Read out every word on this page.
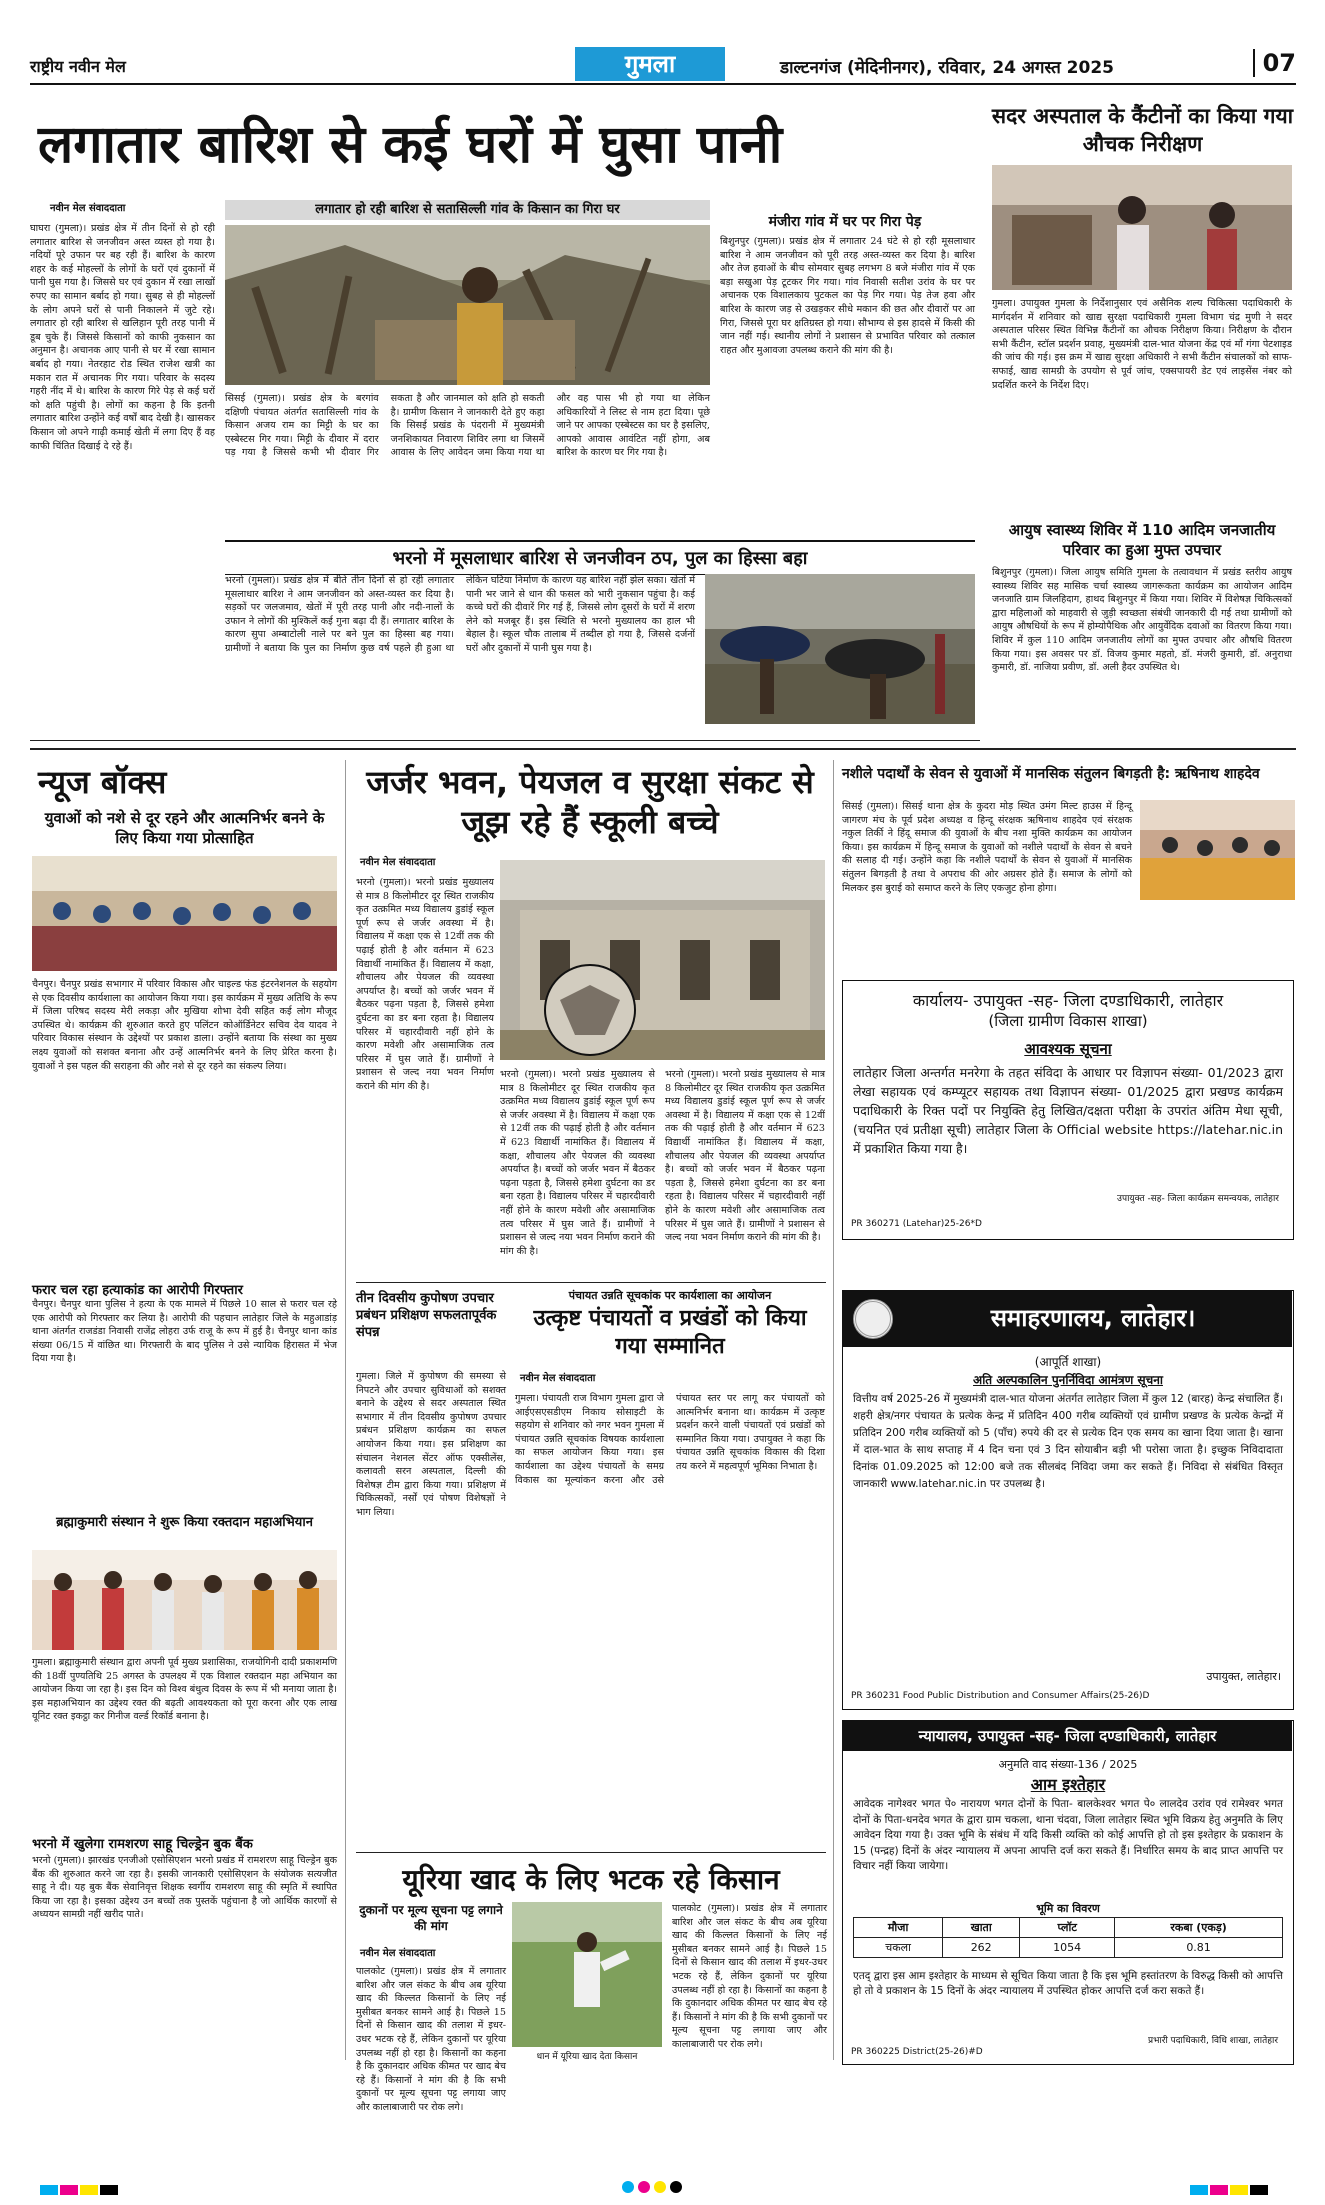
राष्ट्रीय नवीन मेल	गुमला	डाल्टनगंज (मेदिनीनगर), रविवार, 24 अगस्त 2025	07
लगातार बारिश से कई घरों में घुसा पानी
नवीन मेल संवाददाता
घाघरा (गुमला)। प्रखंड क्षेत्र में तीन दिनों से हो रही लगातार बारिश से जनजीवन अस्त व्यस्त हो गया है। नदियों पूरे उफान पर बह रही हैं। बारिश के कारण शहर के कई मोहल्लों के लोगों के घरों एवं दुकानों में पानी घुस गया है। जिससे घर एवं दुकान में रखा लाखों रुपए का सामान बर्बाद हो गया। सुबह से ही मोहल्लों के लोग अपने घरों से पानी निकालने में जुटे रहे। लगातार हो रही बारिश से खलिहान पूरी तरह पानी में डूब चुके हैं। जिससे किसानों को काफी नुकसान का अनुमान है। अचानक आए पानी से घर में रखा सामान बर्बाद हो गया। नेतरहाट रोड स्थित राजेश खत्री का मकान रात में अचानक गिर गया। परिवार के सदस्य गहरी नींद में थे। बारिश के कारण गिरे पेड़ से कई घरों को क्षति पहुंची है। लोगों का कहना है कि इतनी लगातार बारिश उन्होंने कई वर्षों बाद देखी है। खासकर किसान जो अपने गाढ़ी कमाई खेती में लगा दिए हैं वह काफी चिंतित दिखाई दे रहे हैं।
लगातार हो रही बारिश से सतासिल्ली गांव के किसान का गिरा घर
सिसई (गुमला)। प्रखंड क्षेत्र के बरगांव दक्षिणी पंचायत अंतर्गत सतासिल्ली गांव के किसान अजय राम का मिट्टी के घर का एस्बेस्टस गिर गया। मिट्टी के दीवार में दरार पड़ गया है जिससे कभी भी दीवार गिर सकता है और जानमाल को क्षति हो सकती है। ग्रामीण किसान ने जानकारी देते हुए कहा कि सिसई प्रखंड के पंदरानी में मुख्यमंत्री जनशिकायत निवारण शिविर लगा था जिसमें आवास के लिए आवेदन जमा किया गया था और वह पास भी हो गया था लेकिन अधिकारियों ने लिस्ट से नाम हटा दिया। पूछे जाने पर आपका एस्बेस्टस का घर है इसलिए, आपको आवास आवंटित नहीं होगा, अब बारिश के कारण घर गिर गया है।
मंजीरा गांव में घर पर गिरा पेड़
बिशुनपुर (गुमला)। प्रखंड क्षेत्र में लगातार 24 घंटे से हो रही मूसलाधार बारिश ने आम जनजीवन को पूरी तरह अस्त-व्यस्त कर दिया है। बारिश और तेज हवाओं के बीच सोमवार सुबह लगभग 8 बजे मंजीरा गांव में एक बड़ा सखुआ पेड़ टूटकर गिर गया। गांव निवासी सतीश उरांव के घर पर अचानक एक विशालकाय पुटकल का पेड़ गिर गया। पेड़ तेज हवा और बारिश के कारण जड़ से उखड़कर सीधे मकान की छत और दीवारों पर आ गिरा, जिससे पूरा घर क्षतिग्रस्त हो गया। सौभाग्य से इस हादसे में किसी की जान नहीं गई। स्थानीय लोगों ने प्रशासन से प्रभावित परिवार को तत्काल राहत और मुआवजा उपलब्ध कराने की मांग की है।
भरनो में मूसलाधार बारिश से जनजीवन ठप, पुल का हिस्सा बहा
भरनो (गुमला)। प्रखंड क्षेत्र में बीते तीन दिनों से हो रही लगातार मूसलाधार बारिश ने आम जनजीवन को अस्त-व्यस्त कर दिया है। सड़कों पर जलजमाव, खेतों में पूरी तरह पानी और नदी-नालों के उफान ने लोगों की मुश्किलें कई गुना बढ़ा दी हैं। लगातार बारिश के कारण सुपा अम्बाटोली नाले पर बने पुल का हिस्सा बह गया। ग्रामीणों ने बताया कि पुल का निर्माण कुछ वर्ष पहले ही हुआ था लेकिन घटिया निर्माण के कारण यह बारिश नहीं झेल सका। खेतों में पानी भर जाने से धान की फसल को भारी नुकसान पहुंचा है। कई कच्चे घरों की दीवारें गिर गई हैं, जिससे लोग दूसरों के घरों में शरण लेने को मजबूर हैं। इस स्थिति से भरनो मुख्यालय का हाल भी बेहाल है। स्कूल चौक तालाब में तब्दील हो गया है, जिससे दर्जनों घरों और दुकानों में पानी घुस गया है।
सदर अस्पताल के कैंटीनों का किया गया औचक निरीक्षण
गुमला। उपायुक्त गुमला के निर्देशानुसार एवं असैनिक शल्य चिकित्सा पदाधिकारी के मार्गदर्शन में शनिवार को खाद्य सुरक्षा पदाधिकारी गुमला विभाग चंद्र मुणी ने सदर अस्पताल परिसर स्थित विभिन्न कैंटीनों का औचक निरीक्षण किया। निरीक्षण के दौरान सभी कैंटीन, स्टॉल प्रदर्शन प्रवाह, मुख्यमंत्री दाल-भात योजना केंद्र एवं माँ गंगा पेटशाइड की जांच की गई। इस क्रम में खाद्य सुरक्षा अधिकारी ने सभी कैंटीन संचालकों को साफ-सफाई, खाद्य सामग्री के उपयोग से पूर्व जांच, एक्सपायरी डेट एवं लाइसेंस नंबर को प्रदर्शित करने के निर्देश दिए।
आयुष स्वास्थ्य शिविर में 110 आदिम जनजातीय परिवार का हुआ मुफ्त उपचार
बिशुनपुर (गुमला)। जिला आयुष समिति गुमला के तत्वावधान में प्रखंड स्तरीय आयुष स्वास्थ्य शिविर सह मासिक चर्चा स्वास्थ्य जागरूकता कार्यक्रम का आयोजन आदिम जनजाति ग्राम जिलहिदाग, हाथद बिशुनपुर में किया गया। शिविर में विशेषज्ञ चिकित्सकों द्वारा महिलाओं को माहवारी से जुड़ी स्वच्छता संबंधी जानकारी दी गई तथा ग्रामीणों को आयुष औषधियों के रूप में होम्योपैथिक और आयुर्वेदिक दवाओं का वितरण किया गया। शिविर में कुल 110 आदिम जनजातीय लोगों का मुफ्त उपचार और औषधि वितरण किया गया। इस अवसर पर डॉ. विजय कुमार महतो, डॉ. मंजरी कुमारी, डॉ. अनुराधा कुमारी, डॉ. नाजिया प्रवीण, डॉ. अली हैदर उपस्थित थे।
न्यूज बॉक्स
युवाओं को नशे से दूर रहने और आत्मनिर्भर बनने के लिए किया गया प्रोत्साहित
चैनपुर। चैनपुर प्रखंड सभागार में परिवार विकास और चाइल्ड फंड इंटरनेशनल के सहयोग से एक दिवसीय कार्यशाला का आयोजन किया गया। इस कार्यक्रम में मुख्य अतिथि के रूप में जिला परिषद सदस्य मेरी लकड़ा और मुखिया शोभा देवी सहित कई लोग मौजूद उपस्थित थे। कार्यक्रम की शुरुआत करते हुए पलिंटन कोऑर्डिनेटर सचिव देव यादव ने परिवार विकास संस्थान के उद्देश्यों पर प्रकाश डाला। उन्होंने बताया कि संस्था का मुख्य लक्ष्य युवाओं को सशक्त बनाना और उन्हें आत्मनिर्भर बनने के लिए प्रेरित करना है। युवाओं ने इस पहल की सराहना की और नशे से दूर रहने का संकल्प लिया।
फरार चल रहा हत्याकांड का आरोपी गिरफ्तार
चैनपुर। चैनपुर थाना पुलिस ने हत्या के एक मामले में पिछले 10 साल से फरार चल रहे एक आरोपी को गिरफ्तार कर लिया है। आरोपी की पहचान लातेहार जिले के महुआडांड़ थाना अंतर्गत राजडंडा निवासी राजेंद्र लोहरा उर्फ राजू के रूप में हुई है। चैनपुर थाना कांड संख्या 06/15 में वांछित था। गिरफ्तारी के बाद पुलिस ने उसे न्यायिक हिरासत में भेज दिया गया है।
ब्रह्माकुमारी संस्थान ने शुरू किया रक्तदान महाअभियान
गुमला। ब्रह्माकुमारी संस्थान द्वारा अपनी पूर्व मुख्य प्रशासिका, राजयोगिनी दादी प्रकाशमणि की 18वीं पुण्यतिथि 25 अगस्त के उपलक्ष्य में एक विशाल रक्तदान महा अभियान का आयोजन किया जा रहा है। इस दिन को विश्व बंधुत्व दिवस के रूप में भी मनाया जाता है। इस महाअभियान का उद्देश्य रक्त की बढ़ती आवश्यकता को पूरा करना और एक लाख यूनिट रक्त इकट्ठा कर गिनीज वर्ल्ड रिकॉर्ड बनाना है।
भरनो में खुलेगा रामशरण साहू चिल्ड्रेन बुक बैंक
भरनो (गुमला)। झारखंड एनजीओ एसोसिएशन भरनो प्रखंड में रामशरण साहू चिल्ड्रेन बुक बैंक की शुरुआत करने जा रहा है। इसकी जानकारी एसोसिएशन के संयोजक सत्यजीत साहू ने दी। यह बुक बैंक सेवानिवृत्त शिक्षक स्वर्गीय रामशरण साहू की स्मृति में स्थापित किया जा रहा है। इसका उद्देश्य उन बच्चों तक पुस्तकें पहुंचाना है जो आर्थिक कारणों से अध्ययन सामग्री नहीं खरीद पाते।
जर्जर भवन, पेयजल व सुरक्षा संकट से जूझ रहे हैं स्कूली बच्चे
नवीन मेल संवाददाता
भरनो (गुमला)। भरनो प्रखंड मुख्यालय से मात्र 8 किलोमीटर दूर स्थित राजकीय कृत उत्क्रमित मध्य विद्यालय डुडांई स्कूल पूर्ण रूप से जर्जर अवस्था में है। विद्यालय में कक्षा एक से 12वीं तक की पढ़ाई होती है और वर्तमान में 623 विद्यार्थी नामांकित हैं। विद्यालय में कक्षा, शौचालय और पेयजल की व्यवस्था अपर्याप्त है। बच्चों को जर्जर भवन में बैठकर पढ़ना पड़ता है, जिससे हमेशा दुर्घटना का डर बना रहता है। विद्यालय परिसर में चहारदीवारी नहीं होने के कारण मवेशी और असामाजिक तत्व परिसर में घुस जाते हैं। ग्रामीणों ने प्रशासन से जल्द नया भवन निर्माण कराने की मांग की है।
भरनो (गुमला)। भरनो प्रखंड मुख्यालय से मात्र 8 किलोमीटर दूर स्थित राजकीय कृत उत्क्रमित मध्य विद्यालय डुडांई स्कूल पूर्ण रूप से जर्जर अवस्था में है। विद्यालय में कक्षा एक से 12वीं तक की पढ़ाई होती है और वर्तमान में 623 विद्यार्थी नामांकित हैं। विद्यालय में कक्षा, शौचालय और पेयजल की व्यवस्था अपर्याप्त है। बच्चों को जर्जर भवन में बैठकर पढ़ना पड़ता है, जिससे हमेशा दुर्घटना का डर बना रहता है। विद्यालय परिसर में चहारदीवारी नहीं होने के कारण मवेशी और असामाजिक तत्व परिसर में घुस जाते हैं। ग्रामीणों ने प्रशासन से जल्द नया भवन निर्माण कराने की मांग की है।
भरनो (गुमला)। भरनो प्रखंड मुख्यालय से मात्र 8 किलोमीटर दूर स्थित राजकीय कृत उत्क्रमित मध्य विद्यालय डुडांई स्कूल पूर्ण रूप से जर्जर अवस्था में है। विद्यालय में कक्षा एक से 12वीं तक की पढ़ाई होती है और वर्तमान में 623 विद्यार्थी नामांकित हैं। विद्यालय में कक्षा, शौचालय और पेयजल की व्यवस्था अपर्याप्त है। बच्चों को जर्जर भवन में बैठकर पढ़ना पड़ता है, जिससे हमेशा दुर्घटना का डर बना रहता है। विद्यालय परिसर में चहारदीवारी नहीं होने के कारण मवेशी और असामाजिक तत्व परिसर में घुस जाते हैं। ग्रामीणों ने प्रशासन से जल्द नया भवन निर्माण कराने की मांग की है।
तीन दिवसीय कुपोषण उपचार प्रबंधन प्रशिक्षण सफलतापूर्वक संपन्न
गुमला। जिले में कुपोषण की समस्या से निपटने और उपचार सुविधाओं को सशक्त बनाने के उद्देश्य से सदर अस्पताल स्थित सभागार में तीन दिवसीय कुपोषण उपचार प्रबंधन प्रशिक्षण कार्यक्रम का सफल आयोजन किया गया। इस प्रशिक्षण का संचालन नेशनल सेंटर ऑफ एक्सीलेंस, कलावती सरन अस्पताल, दिल्ली की विशेषज्ञ टीम द्वारा किया गया। प्रशिक्षण में चिकित्सकों, नर्सों एवं पोषण विशेषज्ञों ने भाग लिया।
पंचायत उन्नति सूचकांक पर कार्यशाला का आयोजन
उत्कृष्ट पंचायतों व प्रखंडों को किया गया सम्मानित
नवीन मेल संवाददाता
गुमला। पंचायती राज विभाग गुमला द्वारा जे आईएसएसडीएम निकाय सोसाइटी के सहयोग से शनिवार को नगर भवन गुमला में पंचायत उन्नति सूचकांक विषयक कार्यशाला का सफल आयोजन किया गया। इस कार्यशाला का उद्देश्य पंचायतों के समग्र विकास का मूल्यांकन करना और उसे पंचायत स्तर पर लागू कर पंचायतों को आत्मनिर्भर बनाना था। कार्यक्रम में उत्कृष्ट प्रदर्शन करने वाली पंचायतों एवं प्रखंडों को सम्मानित किया गया। उपायुक्त ने कहा कि पंचायत उन्नति सूचकांक विकास की दिशा तय करने में महत्वपूर्ण भूमिका निभाता है।
यूरिया खाद के लिए भटक रहे किसान
दुकानों पर मूल्य सूचना पट्ट लगाने की मांग
नवीन मेल संवाददाता
पालकोट (गुमला)। प्रखंड क्षेत्र में लगातार बारिश और जल संकट के बीच अब यूरिया खाद की किल्लत किसानों के लिए नई मुसीबत बनकर सामने आई है। पिछले 15 दिनों से किसान खाद की तलाश में इधर-उधर भटक रहे हैं, लेकिन दुकानों पर यूरिया उपलब्ध नहीं हो रहा है। किसानों का कहना है कि दुकानदार अधिक कीमत पर खाद बेच रहे हैं। किसानों ने मांग की है कि सभी दुकानों पर मूल्य सूचना पट्ट लगाया जाए और कालाबाजारी पर रोक लगे।
धान में यूरिया खाद देता किसान
पालकोट (गुमला)। प्रखंड क्षेत्र में लगातार बारिश और जल संकट के बीच अब यूरिया खाद की किल्लत किसानों के लिए नई मुसीबत बनकर सामने आई है। पिछले 15 दिनों से किसान खाद की तलाश में इधर-उधर भटक रहे हैं, लेकिन दुकानों पर यूरिया उपलब्ध नहीं हो रहा है। किसानों का कहना है कि दुकानदार अधिक कीमत पर खाद बेच रहे हैं। किसानों ने मांग की है कि सभी दुकानों पर मूल्य सूचना पट्ट लगाया जाए और कालाबाजारी पर रोक लगे।
नशीले पदार्थों के सेवन से युवाओं में मानसिक संतुलन बिगड़ती है: ऋषिनाथ शाहदेव
सिसई (गुमला)। सिसई थाना क्षेत्र के कुदरा मोड़ स्थित उमंग मिल्ट हाउस में हिन्दू जागरण मंच के पूर्व प्रदेश अध्यक्ष व हिन्दू संरक्षक ऋषिनाथ शाहदेव एवं संरक्षक नकुल तिर्की ने हिंदू समाज की युवाओं के बीच नशा मुक्ति कार्यक्रम का आयोजन किया। इस कार्यक्रम में हिन्दू समाज के युवाओं को नशीले पदार्थों के सेवन से बचने की सलाह दी गई। उन्होंने कहा कि नशीले पदार्थों के सेवन से युवाओं में मानसिक संतुलन बिगड़ती है तथा वे अपराध की ओर अग्रसर होते हैं। समाज के लोगों को मिलकर इस बुराई को समाप्त करने के लिए एकजुट होना होगा।
कार्यालय- उपायुक्त -सह- जिला दण्डाधिकारी, लातेहार
(जिला ग्रामीण विकास शाखा)
आवश्यक सूचना
लातेहार जिला अन्तर्गत मनरेगा के तहत संविदा के आधार पर विज्ञापन संख्या- 01/2023 द्वारा लेखा सहायक एवं कम्प्यूटर सहायक तथा विज्ञापन संख्या- 01/2025 द्वारा प्रखण्ड कार्यक्रम पदाधिकारी के रिक्त पदों पर नियुक्ति हेतु लिखित/दक्षता परीक्षा के उपरांत अंतिम मेधा सूची, (चयनित एवं प्रतीक्षा सूची) लातेहार जिला के Official website https://latehar.nic.in में प्रकाशित किया गया है।
उपायुक्त -सह- जिला कार्यक्रम समन्वयक, लातेहार
PR 360271 (Latehar)25-26*D
समाहरणालय, लातेहार।
(आपूर्ति शाखा)
अति अल्पकालिन पुनर्निविदा आमंत्रण सूचना
वित्तीय वर्ष 2025-26 में मुख्यमंत्री दाल-भात योजना अंतर्गत लातेहार जिला में कुल 12 (बारह) केन्द्र संचालित हैं। शहरी क्षेत्र/नगर पंचायत के प्रत्येक केन्द्र में प्रतिदिन 400 गरीब व्यक्तियों एवं ग्रामीण प्रखण्ड के प्रत्येक केन्द्रों में प्रतिदिन 200 गरीब व्यक्तियों को 5 (पाँच) रुपये की दर से प्रत्येक दिन एक समय का खाना दिया जाता है। खाना में दाल-भात के साथ सप्ताह में 4 दिन चना एवं 3 दिन सोयाबीन बड़ी भी परोसा जाता है। इच्छुक निविदादाता दिनांक 01.09.2025 को 12:00 बजे तक सीलबंद निविदा जमा कर सकते हैं। निविदा से संबंधित विस्तृत जानकारी www.latehar.nic.in पर उपलब्ध है।
उपायुक्त, लातेहार।
PR 360231 Food Public Distribution and Consumer Affairs(25-26)D
न्यायालय, उपायुक्त -सह- जिला दण्डाधिकारी, लातेहार
अनुमति वाद संख्या-136 / 2025
आम इश्तेहार
आवेदक नागेश्वर भगत पे० नारायण भगत दोनों के पिता- बालकेश्वर भगत पे० लालदेव उरांव एवं रामेश्वर भगत दोनों के पिता-धनदेव भगत के द्वारा ग्राम चकला, थाना चंदवा, जिला लातेहार स्थित भूमि विक्रय हेतु अनुमति के लिए आवेदन दिया गया है। उक्त भूमि के संबंध में यदि किसी व्यक्ति को कोई आपत्ति हो तो इस इश्तेहार के प्रकाशन के 15 (पन्द्रह) दिनों के अंदर न्यायालय में अपना आपत्ति दर्ज करा सकते हैं। निर्धारित समय के बाद प्राप्त आपत्ति पर विचार नहीं किया जायेगा।
भूमि का विवरण
मौजा	खाता	प्लॉट	रकबा (एकड़)
चकला	262	1054	0.81
एतद् द्वारा इस आम इश्तेहार के माध्यम से सूचित किया जाता है कि इस भूमि हस्तांतरण के विरुद्ध किसी को आपत्ति हो तो वे प्रकाशन के 15 दिनों के अंदर न्यायालय में उपस्थित होकर आपत्ति दर्ज करा सकते हैं।
प्रभारी पदाधिकारी, विधि शाखा, लातेहार
PR 360225 District(25-26)#D
